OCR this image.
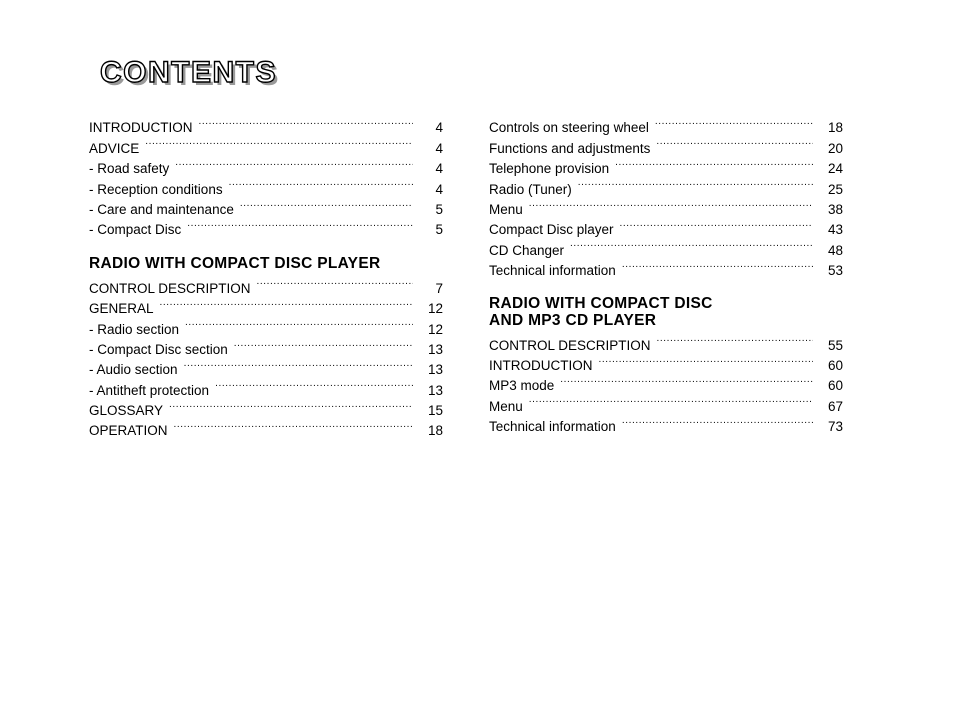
CONTENTS
INTRODUCTION .....	4
ADVICE .....	4
- Road safety .....	4
- Reception conditions .....	4
- Care and maintenance .....	5
- Compact Disc .....	5
RADIO WITH COMPACT DISC PLAYER
CONTROL DESCRIPTION .....	7
GENERAL .....	12
- Radio section .....	12
- Compact Disc section .....	13
- Audio section .....	13
- Antitheft protection .....	13
GLOSSARY .....	15
OPERATION .....	18
Controls on steering wheel .....	18
Functions and adjustments .....	20
Telephone provision .....	24
Radio (Tuner) .....	25
Menu .....	38
Compact Disc player .....	43
CD Changer .....	48
Technical information .....	53
RADIO WITH COMPACT DISC
AND MP3 CD PLAYER
CONTROL DESCRIPTION .....	55
INTRODUCTION .....	60
MP3 mode .....	60
Menu .....	67
Technical information .....	73
